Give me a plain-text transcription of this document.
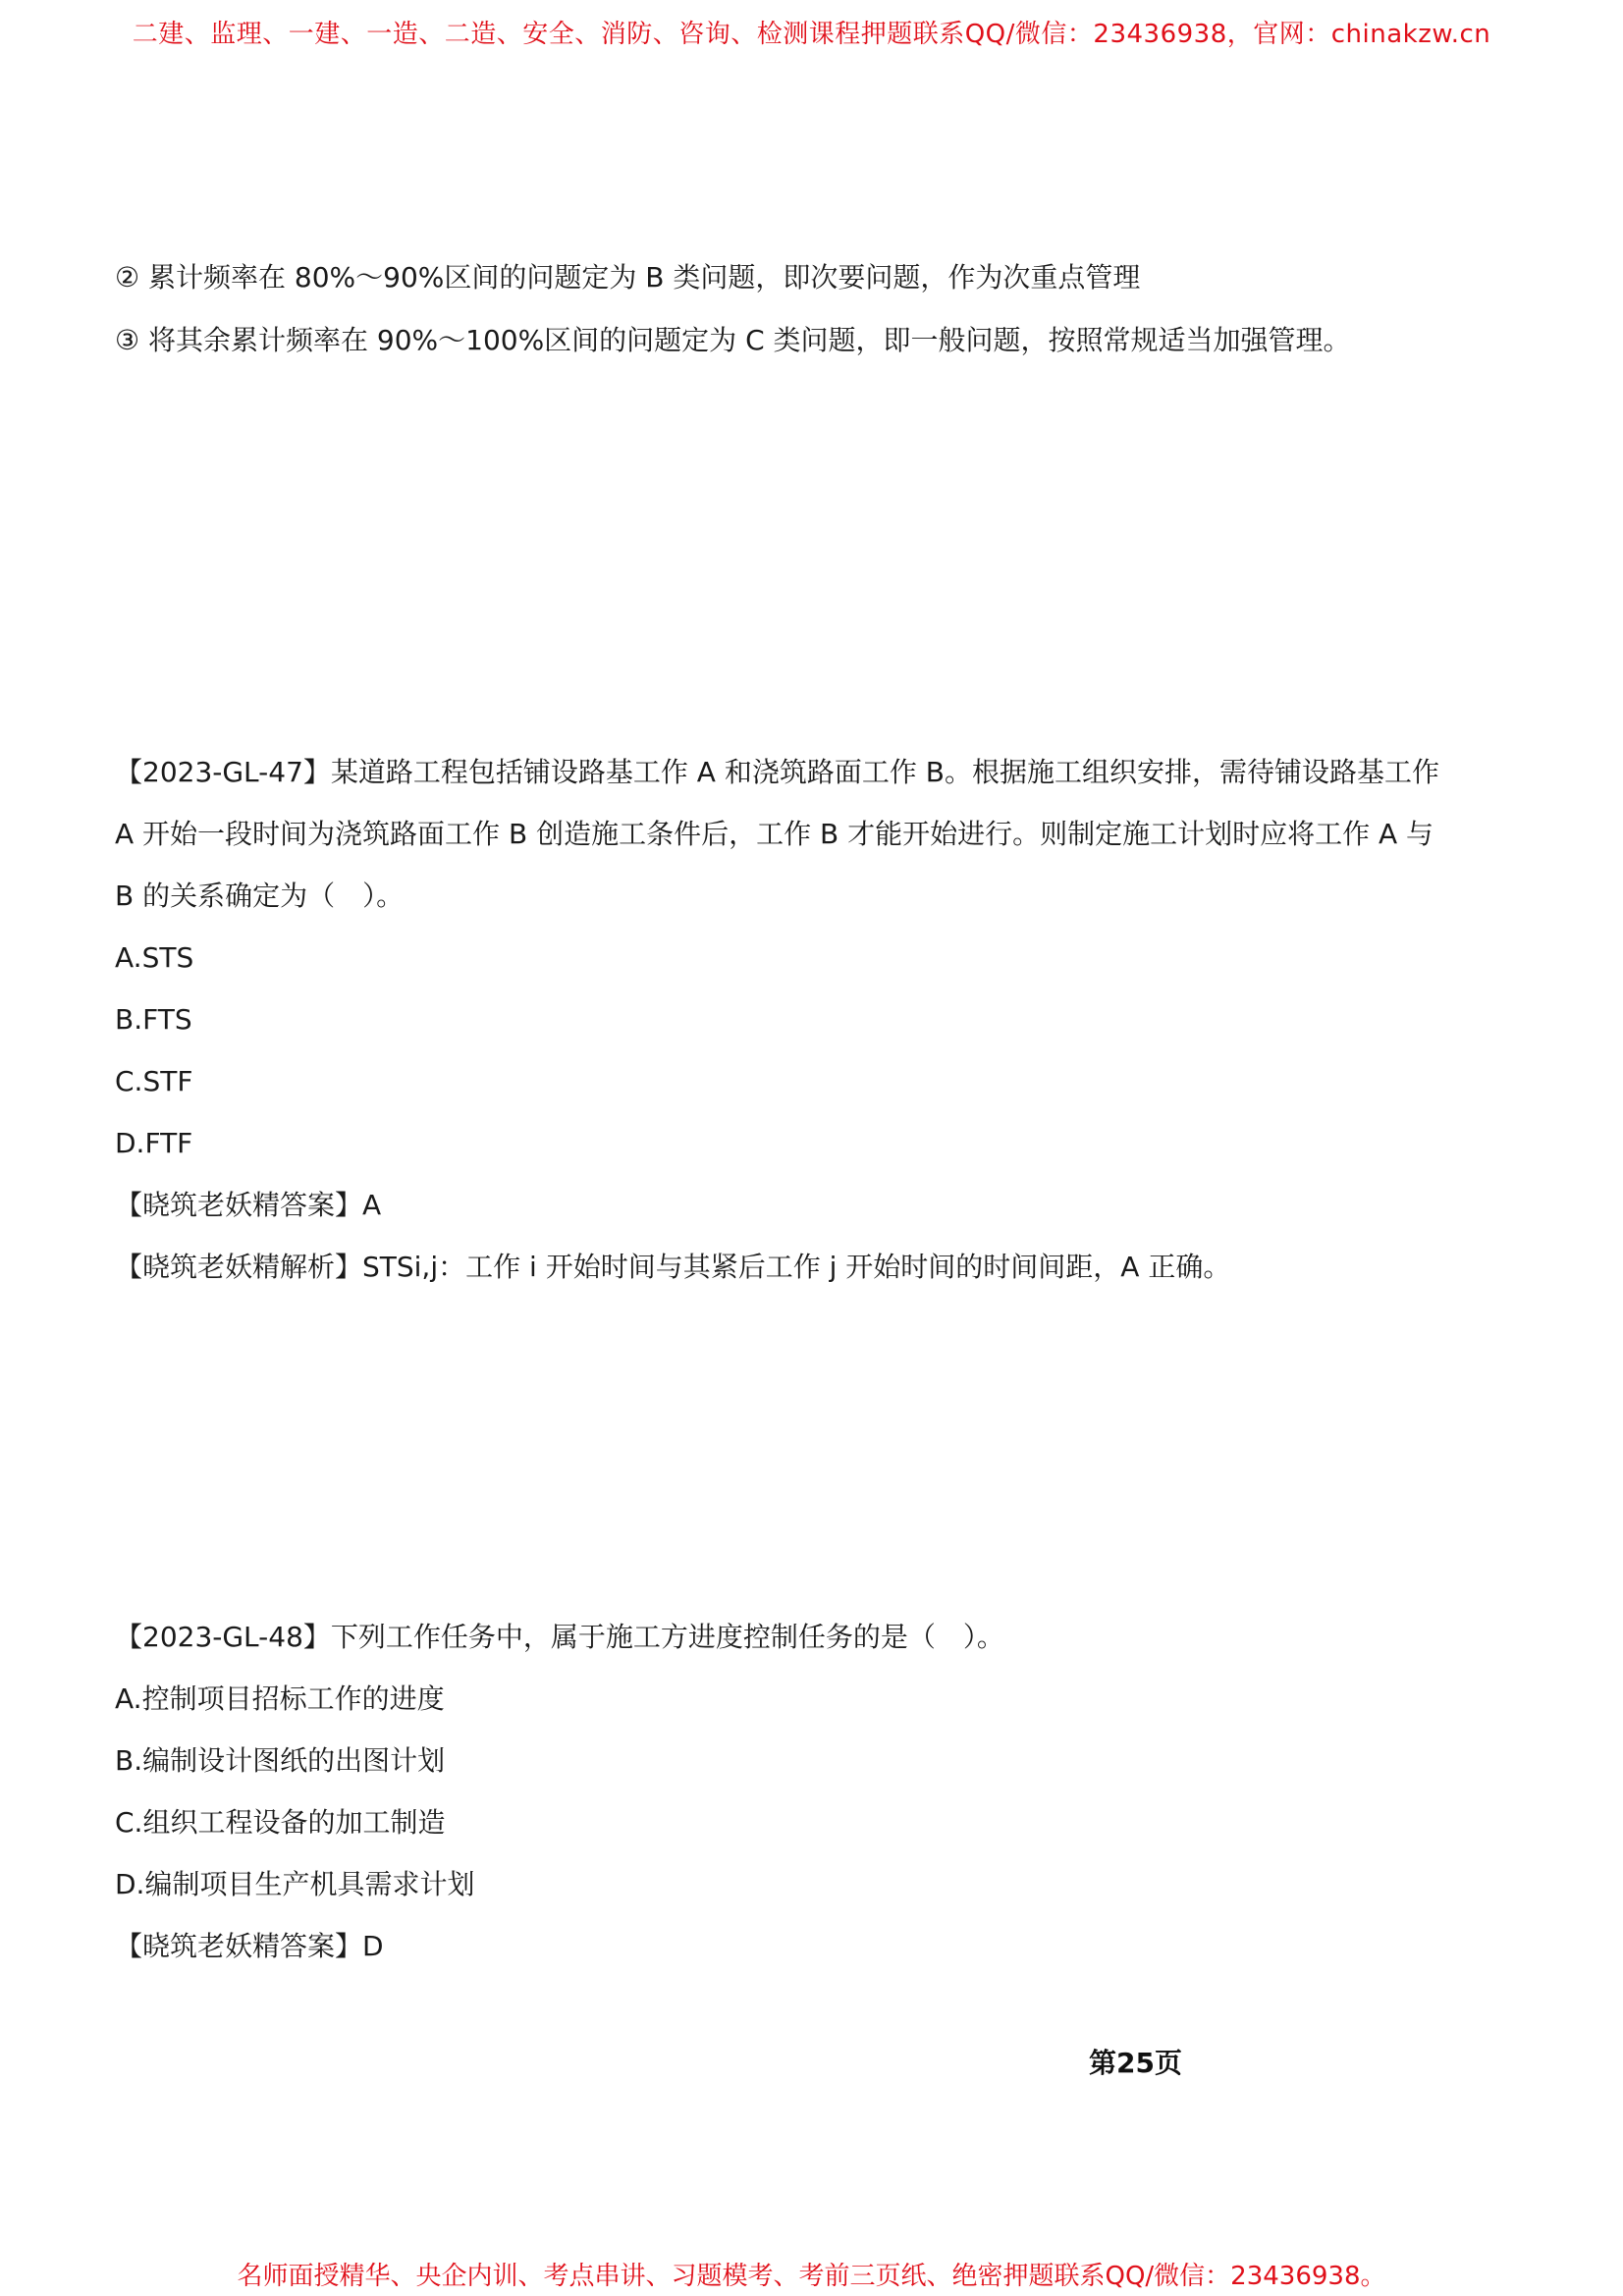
二建、监理、一建、一造、二造、安全、消防、咨询、检测课程押题联系QQ/微信：23436938，官网：chinakzw.cn
② 累计频率在 80%～90%区间的问题定为 B 类问题，即次要问题，作为次重点管理
③ 将其余累计频率在 90%～100%区间的问题定为 C 类问题，即一般问题，按照常规适当加强管理。
【2023-GL-47】某道路工程包括铺设路基工作 A 和浇筑路面工作 B。根据施工组织安排，需待铺设路基工作
A 开始一段时间为浇筑路面工作 B 创造施工条件后，工作 B 才能开始进行。则制定施工计划时应将工作 A 与
B 的关系确定为（　）。
A.STS
B.FTS
C.STF
D.FTF
【晓筑老妖精答案】A
【晓筑老妖精解析】STSi,j：工作 i 开始时间与其紧后工作 j 开始时间的时间间距，A 正确。
【2023-GL-48】下列工作任务中，属于施工方进度控制任务的是（　）。
A.控制项目招标工作的进度
B.编制设计图纸的出图计划
C.组织工程设备的加工制造
D.编制项目生产机具需求计划
【晓筑老妖精答案】D
第25页
名师面授精华、央企内训、考点串讲、习题模考、考前三页纸、绝密押题联系QQ/微信：23436938。
